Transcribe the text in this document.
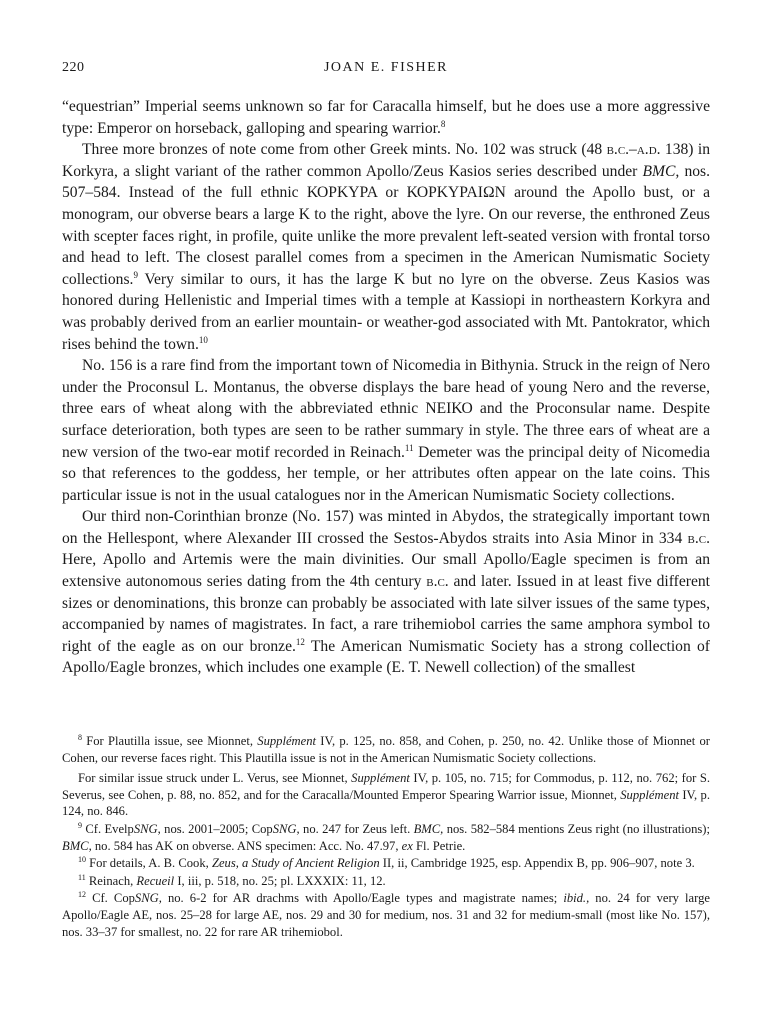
220	JOAN E. FISHER

“equestrian” Imperial seems unknown so far for Caracalla himself, but he does use a more aggressive type: Emperor on horseback, galloping and spearing warrior.$^8$

Three more bronzes of note come from other Greek mints. No. 102 was struck (48 b.c.–a.d. 138) in Korkyra, a slight variant of the rather common Apollo/Zeus Kasios series described under BMC, nos. 507–584. Instead of the full ethnic ΚΟΡΚΥΡΑ or ΚΟΡΚΥΡΑΙΩΝ around the Apollo bust, or a monogram, our obverse bears a large K to the right, above the lyre. On our reverse, the enthroned Zeus with scepter faces right, in profile, quite unlike the more prevalent left-seated version with frontal torso and head to left. The closest parallel comes from a specimen in the American Numismatic Society collections.$^9$ Very similar to ours, it has the large K but no lyre on the obverse. Zeus Kasios was honored during Hellenistic and Imperial times with a temple at Kassiopi in northeastern Korkyra and was probably derived from an earlier mountain- or weather-god associated with Mt. Pantokrator, which rises behind the town.$^{10}$

No. 156 is a rare find from the important town of Nicomedia in Bithynia. Struck in the reign of Nero under the Proconsul L. Montanus, the obverse displays the bare head of young Nero and the reverse, three ears of wheat along with the abbreviated ethnic ΝΕΙΚΟ and the Proconsular name. Despite surface deterioration, both types are seen to be rather summary in style. The three ears of wheat are a new version of the two-ear motif recorded in Reinach.$^{11}$ Demeter was the principal deity of Nicomedia so that references to the goddess, her temple, or her attributes often appear on the late coins. This particular issue is not in the usual catalogues nor in the American Numismatic Society collections.

Our third non-Corinthian bronze (No. 157) was minted in Abydos, the strategically important town on the Hellespont, where Alexander III crossed the Sestos-Abydos straits into Asia Minor in 334 b.c. Here, Apollo and Artemis were the main divinities. Our small Apollo/Eagle specimen is from an extensive autonomous series dating from the 4th century b.c. and later. Issued in at least five different sizes or denominations, this bronze can probably be associated with late silver issues of the same types, accompanied by names of magistrates. In fact, a rare trihemiobol carries the same amphora symbol to right of the eagle as on our bronze.$^{12}$ The American Numismatic Society has a strong collection of Apollo/Eagle bronzes, which includes one example (E. T. Newell collection) of the smallest

$^8$ For Plautilla issue, see Mionnet, Supplément IV, p. 125, no. 858, and Cohen, p. 250, no. 42. Unlike those of Mionnet or Cohen, our reverse faces right. This Plautilla issue is not in the American Numismatic Society collections.

For similar issue struck under L. Verus, see Mionnet, Supplément IV, p. 105, no. 715; for Commodus, p. 112, no. 762; for S. Severus, see Cohen, p. 88, no. 852, and for the Caracalla/Mounted Emperor Spearing Warrior issue, Mionnet, Supplément IV, p. 124, no. 846.

$^9$ Cf. EvelpSNG, nos. 2001–2005; CopSNG, no. 247 for Zeus left. BMC, nos. 582–584 mentions Zeus right (no illustrations); BMC, no. 584 has AK on obverse. ANS specimen: Acc. No. 47.97, ex Fl. Petrie.

$^{10}$ For details, A. B. Cook, Zeus, a Study of Ancient Religion II, ii, Cambridge 1925, esp. Appendix B, pp. 906–907, note 3.

$^{11}$ Reinach, Recueil I, iii, p. 518, no. 25; pl. LXXXIX: 11, 12.

$^{12}$ Cf. CopSNG, no. 6-2 for AR drachms with Apollo/Eagle types and magistrate names; ibid., no. 24 for very large Apollo/Eagle AE, nos. 25–28 for large AE, nos. 29 and 30 for medium, nos. 31 and 32 for medium-small (most like No. 157), nos. 33–37 for smallest, no. 22 for rare AR trihemiobol.
